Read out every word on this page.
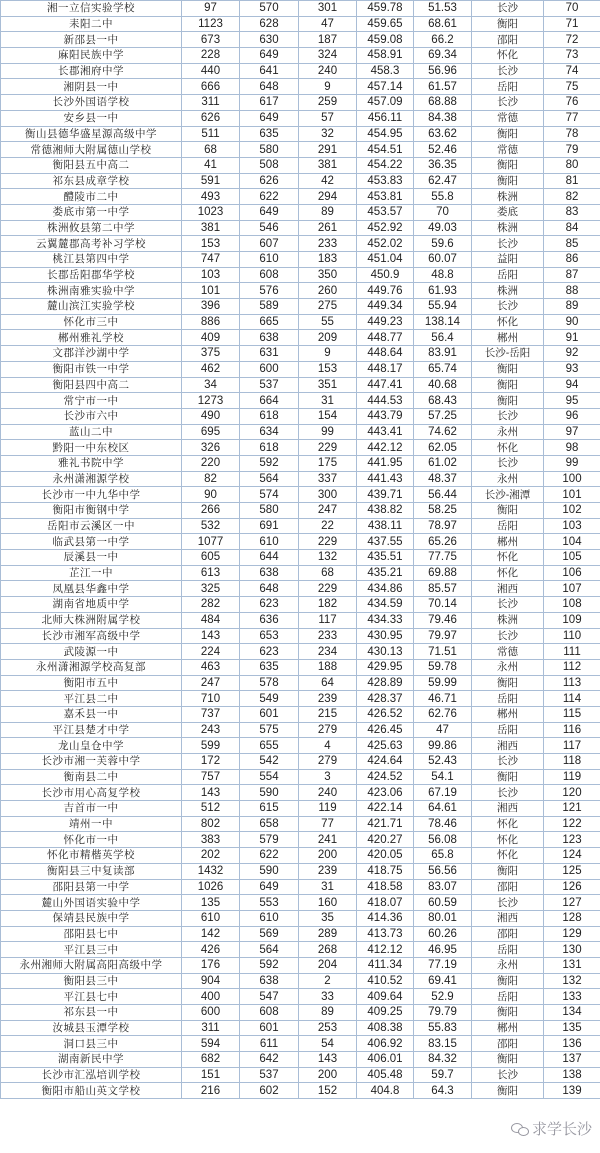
湘一立信实验学校	97	570	301	459.78	51.53	长沙	70
耒阳二中	1123	628	47	459.65	68.61	衡阳	71
新邵县一中	673	630	187	459.08	66.2	邵阳	72
麻阳民族中学	228	649	324	458.91	69.34	怀化	73
长郡湘府中学	440	641	240	458.3	56.96	长沙	74
湘阴县一中	666	648	9	457.14	61.57	岳阳	75
长沙外国语学校	311	617	259	457.09	68.88	长沙	76
安乡县一中	626	649	57	456.11	84.38	常德	77
衡山县德华盛星源高级中学	511	635	32	454.95	63.62	衡阳	78
常德湘师大附属德山学校	68	580	291	454.51	52.46	常德	79
衡阳县五中高二	41	508	381	454.22	36.35	衡阳	80
祁东县成章学校	591	626	42	453.83	62.47	衡阳	81
醴陵市二中	493	622	294	453.81	55.8	株洲	82
娄底市第一中学	1023	649	89	453.57	70	娄底	83
株洲攸县第二中学	381	546	261	452.92	49.03	株洲	84
云翼麓郡高考补习学校	153	607	233	452.02	59.6	长沙	85
桃江县第四中学	747	610	183	451.04	60.07	益阳	86
长郡岳阳郡华学校	103	608	350	450.9	48.8	岳阳	87
株洲南雅实验中学	101	576	260	449.76	61.93	株洲	88
麓山滨江实验学校	396	589	275	449.34	55.94	长沙	89
怀化市三中	886	665	55	449.23	138.14	怀化	90
郴州雅礼学校	409	638	209	448.77	56.4	郴州	91
文郡洋沙湖中学	375	631	9	448.64	83.91	长沙-岳阳	92
衡阳市铁一中学	462	600	153	448.17	65.74	衡阳	93
衡阳县四中高二	34	537	351	447.41	40.68	衡阳	94
常宁市一中	1273	664	31	444.53	68.43	衡阳	95
长沙市六中	490	618	154	443.79	57.25	长沙	96
蓝山二中	695	634	99	443.41	74.62	永州	97
黔阳一中东校区	326	618	229	442.12	62.05	怀化	98
雅礼书院中学	220	592	175	441.95	61.02	长沙	99
永州潇湘源学校	82	564	337	441.43	48.37	永州	100
长沙市一中九华中学	90	574	300	439.71	56.44	长沙-湘潭	101
衡阳市衡钢中学	266	580	247	438.82	58.25	衡阳	102
岳阳市云溪区一中	532	691	22	438.11	78.97	岳阳	103
临武县第一中学	1077	610	229	437.55	65.26	郴州	104
辰溪县一中	605	644	132	435.51	77.75	怀化	105
芷江一中	613	638	68	435.21	69.88	怀化	106
凤凰县华鑫中学	325	648	229	434.86	85.57	湘西	107
湖南省地质中学	282	623	182	434.59	70.14	长沙	108
北师大株洲附属学校	484	636	117	434.33	79.46	株洲	109
长沙市湘军高级中学	143	653	233	430.95	79.97	长沙	110
武陵源一中	224	623	234	430.13	71.51	常德	111
永州潇湘源学校高复部	463	635	188	429.95	59.78	永州	112
衡阳市五中	247	578	64	428.89	59.99	衡阳	113
平江县二中	710	549	239	428.37	46.71	岳阳	114
嘉禾县一中	737	601	215	426.52	62.76	郴州	115
平江县楚才中学	243	575	279	426.45	47	岳阳	116
龙山皇仓中学	599	655	4	425.63	99.86	湘西	117
长沙市湘一芙蓉中学	172	542	279	424.64	52.43	长沙	118
衡南县二中	757	554	3	424.52	54.1	衡阳	119
长沙市用心高复学校	143	590	240	423.06	67.19	长沙	120
吉首市一中	512	615	119	422.14	64.61	湘西	121
靖州一中	802	658	77	421.71	78.46	怀化	122
怀化市一中	383	579	241	420.27	56.08	怀化	123
怀化市精楷英学校	202	622	200	420.05	65.8	怀化	124
衡阳县三中复读部	1432	590	239	418.75	56.56	衡阳	125
邵阳县第一中学	1026	649	31	418.58	83.07	邵阳	126
麓山外国语实验中学	135	553	160	418.07	60.59	长沙	127
保靖县民族中学	610	610	35	414.36	80.01	湘西	128
邵阳县七中	142	569	289	413.73	60.26	邵阳	129
平江县三中	426	564	268	412.12	46.95	岳阳	130
永州湘师大附属高阳高级中学	176	592	204	411.34	77.19	永州	131
衡阳县三中	904	638	2	410.52	69.41	衡阳	132
平江县七中	400	547	33	409.64	52.9	岳阳	133
祁东县一中	600	608	89	409.25	79.79	衡阳	134
汝城县玉潭学校	311	601	253	408.38	55.83	郴州	135
洞口县三中	594	611	54	406.92	83.15	邵阳	136
湖南新民中学	682	642	143	406.01	84.32	衡阳	137
长沙市汇泓培训学校	151	537	200	405.48	59.7	长沙	138
衡阳市船山英文学校	216	602	152	404.8	64.3	衡阳	139
求学长沙
